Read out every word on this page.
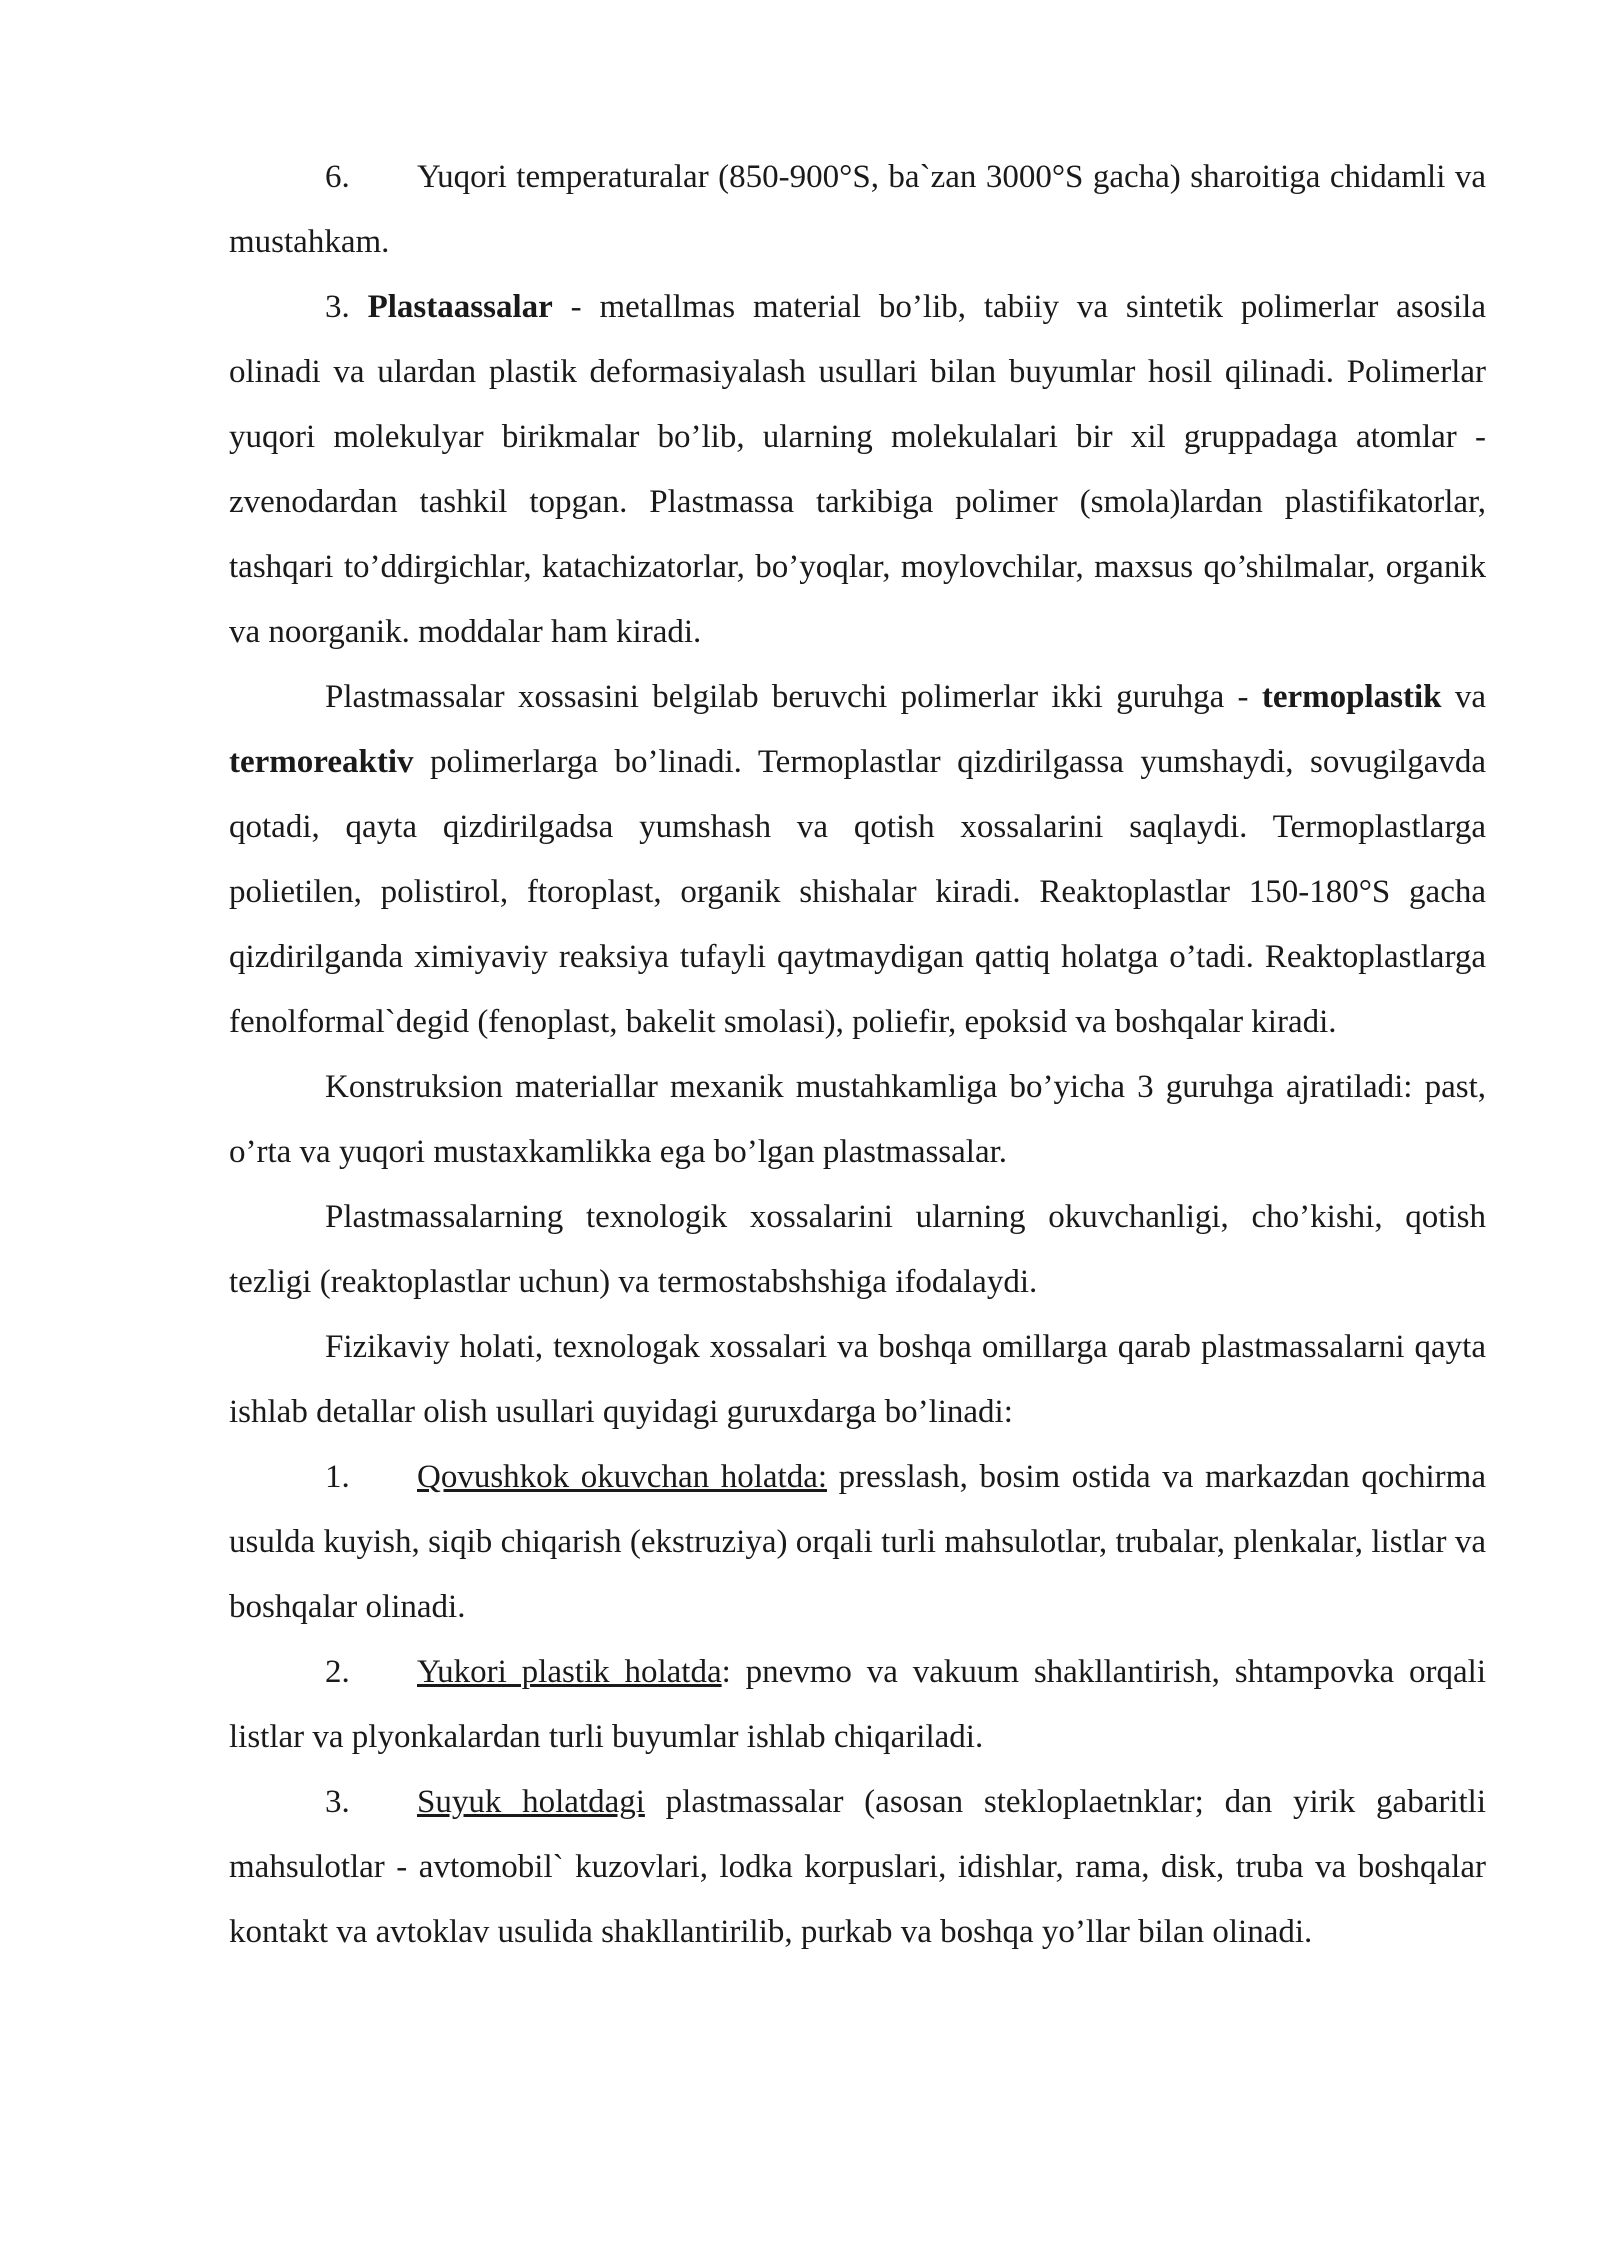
6. Yuqori temperaturalar (850-900°S, ba`zan 3000°S gacha) sharoitiga chidamli va mustahkam.

3. Plastaassalar - metallmas material bo’lib, tabiiy va sintetik polimerlar asosila olinadi va ulardan plastik deformasiyalash usullari bilan buyumlar hosil qilinadi. Polimerlar yuqori molekulyar birikmalar bo’lib, ularning molekulalari bir xil gruppadaga atomlar - zvenodardan tashkil topgan. Plastmassa tarkibiga polimer (smola)lardan plastifikatorlar, tashqari to’ddirgichlar, katachizatorlar, bo’yoqlar, moylovchilar, maxsus qo’shilmalar, organik va noorganik. moddalar ham kiradi.

Plastmassalar xossasini belgilab beruvchi polimerlar ikki guruhga - termoplastik va termoreaktiv polimerlarga bo’linadi. Termoplastlar qizdirilgassa yumshaydi, sovugilgavda qotadi, qayta qizdirilgadsa yumshash va qotish xossalarini saqlaydi. Termoplastlarga polietilen, polistirol, ftoroplast, organik shishalar kiradi. Reaktoplastlar 150-180°S gacha qizdirilganda ximiyaviy reaksiya tufayli qaytmaydigan qattiq holatga o’tadi. Reaktoplastlarga fenolformal`degid (fenoplast, bakelit smolasi), poliefir, epoksid va boshqalar kiradi.

Konstruksion materiallar mexanik mustahkamliga bo’yicha 3 guruhga ajratiladi: past, o’rta va yuqori mustaxkamlikka ega bo’lgan plastmassalar.

Plastmassalarning texnologik xossalarini ularning okuvchanligi, cho’kishi, qotish tezligi (reaktoplastlar uchun) va termostabshshiga ifodalaydi.

Fizikaviy holati, texnologak xossalari va boshqa omillarga qarab plastmassalarni qayta ishlab detallar olish usullari quyidagi guruxdarga bo’linadi:

1. Qovushkok okuvchan holatda: presslash, bosim ostida va markazdan qochirma usulda kuyish, siqib chiqarish (ekstruziya) orqali turli mahsulotlar, trubalar, plenkalar, listlar va boshqalar olinadi.

2. Yukori plastik holatda: pnevmo va vakuum shakllantirish, shtampovka orqali listlar va plyonkalardan turli buyumlar ishlab chiqariladi.

3. Suyuk holatdagi plastmassalar (asosan stekloplaetnklar; dan yirik gabaritli mahsulotlar - avtomobil` kuzovlari, lodka korpuslari, idishlar, rama, disk, truba va boshqalar kontakt va avtoklav usulida shakllantirilib, purkab va boshqa yo’llar bilan olinadi.
